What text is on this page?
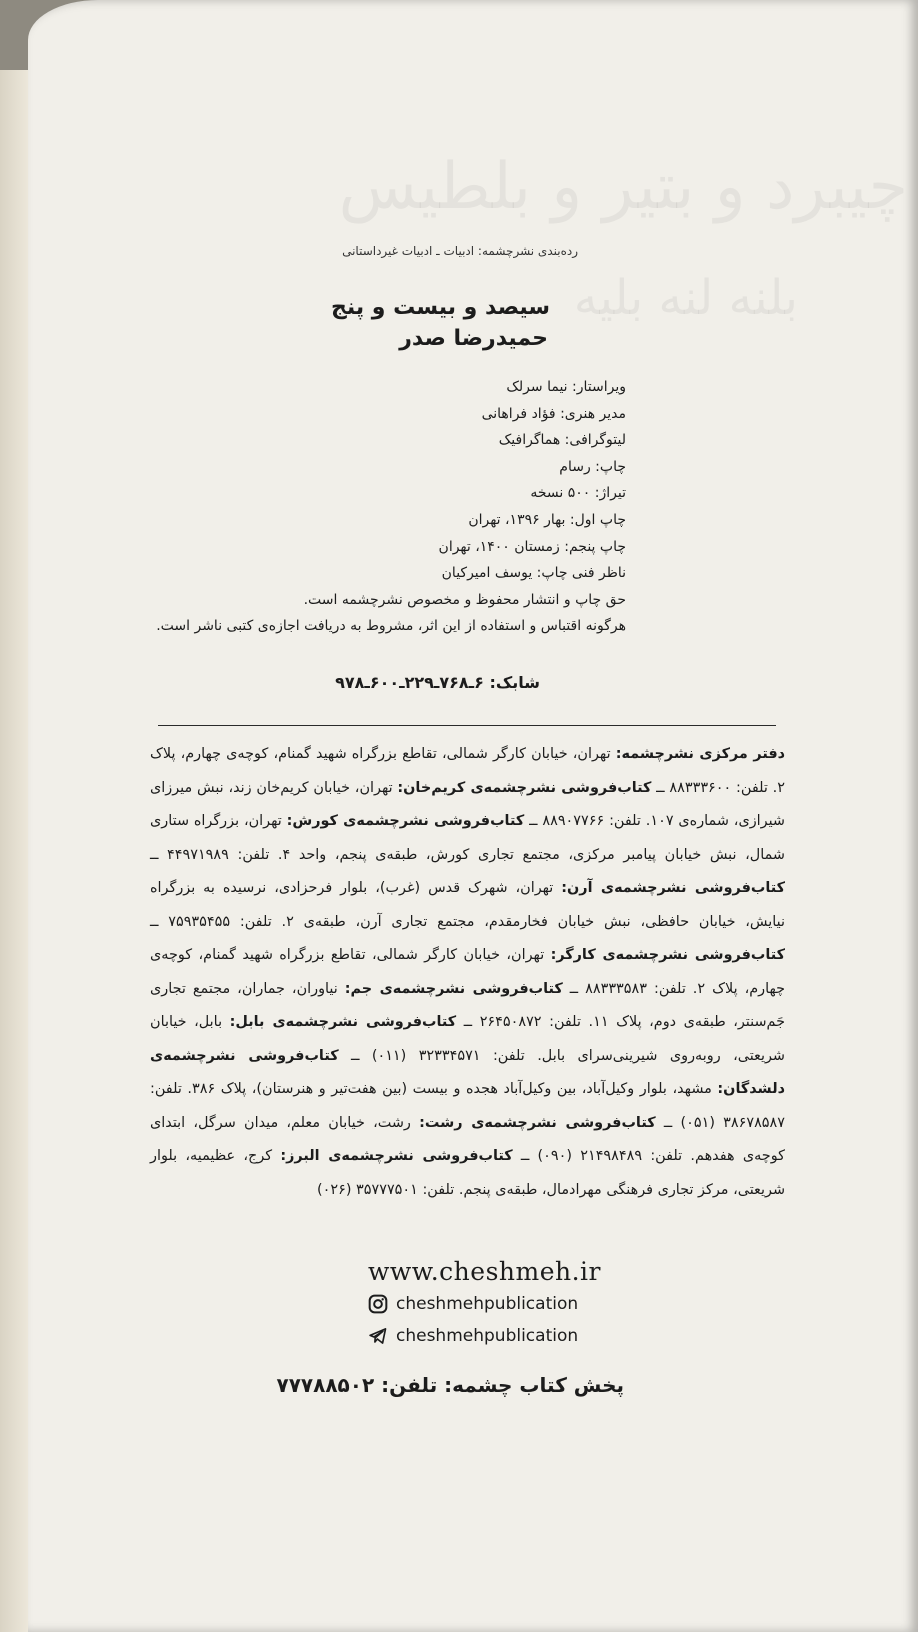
چیبرد و بتیر و بلطیس
بلنه لنه بلیه
رده‌بندی نشرچشمه: ادبیات ـ ادبیات غیرداستانی
سیصد و بیست و پنج
حمیدرضا صدر
ویراستار: نیما سرلک
مدیر هنری: فؤاد فراهانی
لیتوگرافی: هماگرافیک
چاپ: رسام
تیراژ: ۵۰۰ نسخه
چاپ اول: بهار ۱۳۹۶، تهران
چاپ پنجم: زمستان ۱۴۰۰، تهران
ناظر فنی چاپ: یوسف امیرکیان
حق چاپ و انتشار محفوظ و مخصوص نشرچشمه است.
هرگونه اقتباس و استفاده از این اثر، مشروط به دریافت اجازه‌ی کتبی ناشر است.
شابک: ۶ـ۷۶۸ـ۲۲۹ـ۶۰۰ـ۹۷۸

دفتر مرکزی نشرچشمه: تهران، خیابان کارگر شمالی، تقاطع بزرگراه شهید گمنام، کوچه‌ی چهارم، پلاک ۲. تلفن: ۸۸۳۳۳۶۰۰ ــ کتاب‌فروشی نشرچشمه‌ی کریم‌خان: تهران، خیابان کریم‌خان زند، نبش میرزای شیرازی، شماره‌ی ۱۰۷. تلفن: ۸۸۹۰۷۷۶۶ ــ کتاب‌فروشی نشرچشمه‌ی کورش: تهران، بزرگراه ستاری شمال، نبش خیابان پیامبر مرکزی، مجتمع تجاری کورش، طبقه‌ی پنجم، واحد ۴. تلفن: ۴۴۹۷۱۹۸۹ ــ کتاب‌فروشی نشرچشمه‌ی آرن: تهران، شهرک قدس (غرب)، بلوار فرحزادی، نرسیده به بزرگراه نیایش، خیابان حافظی، نبش خیابان فخارمقدم، مجتمع تجاری آرن، طبقه‌ی ۲. تلفن: ۷۵۹۳۵۴۵۵ ــ کتاب‌فروشی نشرچشمه‌ی کارگر: تهران، خیابان کارگر شمالی، تقاطع بزرگراه شهید گمنام، کوچه‌ی چهارم، پلاک ۲. تلفن: ۸۸۳۳۳۵۸۳ ــ کتاب‌فروشی نشرچشمه‌ی جم: نیاوران، جماران، مجتمع تجاری جَم‌سنتر، طبقه‌ی دوم، پلاک ۱۱. تلفن: ۲۶۴۵۰۸۷۲ ــ کتاب‌فروشی نشرچشمه‌ی بابل: بابل، خیابان شریعتی، روبه‌روی شیرینی‌سرای بابل. تلفن: ۳۲۳۳۴۵۷۱ (۰۱۱) ــ کتاب‌فروشی نشرچشمه‌ی دلشدگان: مشهد، بلوار وکیل‌آباد، بین وکیل‌آباد هجده و بیست (بین هفت‌تیر و هنرستان)، پلاک ۳۸۶. تلفن: ۳۸۶۷۸۵۸۷ (۰۵۱) ــ کتاب‌فروشی نشرچشمه‌ی رشت: رشت، خیابان معلم، میدان سرگل، ابتدای کوچه‌ی هفدهم. تلفن: ۲۱۴۹۸۴۸۹ (۰۹۰) ــ کتاب‌فروشی نشرچشمه‌ی البرز: کرج، عظیمیه، بلوار شریعتی، مرکز تجاری فرهنگی مهرادمال، طبقه‌ی پنجم. تلفن: ۳۵۷۷۷۵۰۱ (۰۲۶)

www.cheshmeh.ir
cheshmehpublication
cheshmehpublication
پخش کتاب چشمه: تلفن: ۷۷۷۸۸۵۰۲
